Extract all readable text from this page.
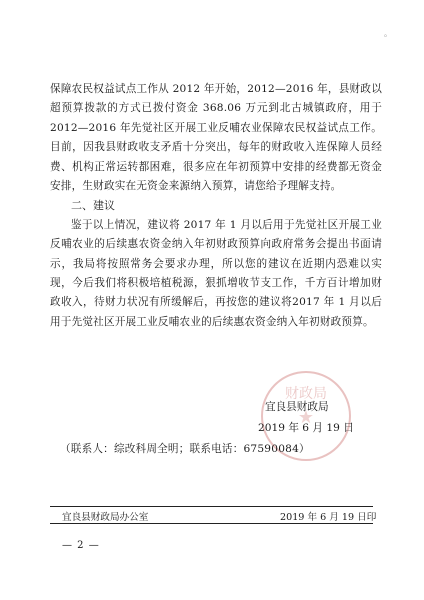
。

保障农民权益试点工作从 2012 年开始，2012—2016 年，县财政以超预算拨款的方式已拨付资金 368.06 万元到北古城镇政府，用于2012—2016 年先觉社区开展工业反哺农业保障农民权益试点工作。目前，因我县财政收支矛盾十分突出，每年的财政收入连保障人员经费、机构正常运转都困难，很多应在年初预算中安排的经费都无资金安排，生财政实在无资金来源纳入预算，请您给予理解支持。

二、建议

鉴于以上情况，建议将 2017 年 1 月以后用于先觉社区开展工业反哺农业的后续惠农资金纳入年初财政预算向政府常务会提出书面请示，我局将按照常务会要求办理，所以您的建议在近期内恐难以实现，今后我们将积极培植税源，狠抓增收节支工作，千方百计增加财政收入，待财力状况有所缓解后，再按您的建议将2017 年 1 月以后用于先觉社区开展工业反哺农业的后续惠农资金纳入年初财政预算。

财政局
★
宜良县财政局
2019 年 6 月 19 日
（联系人：综改科周全明；联系电话：67590084）
宜良县财政局办公室	2019 年 6 月 19 日印
— 2 —
